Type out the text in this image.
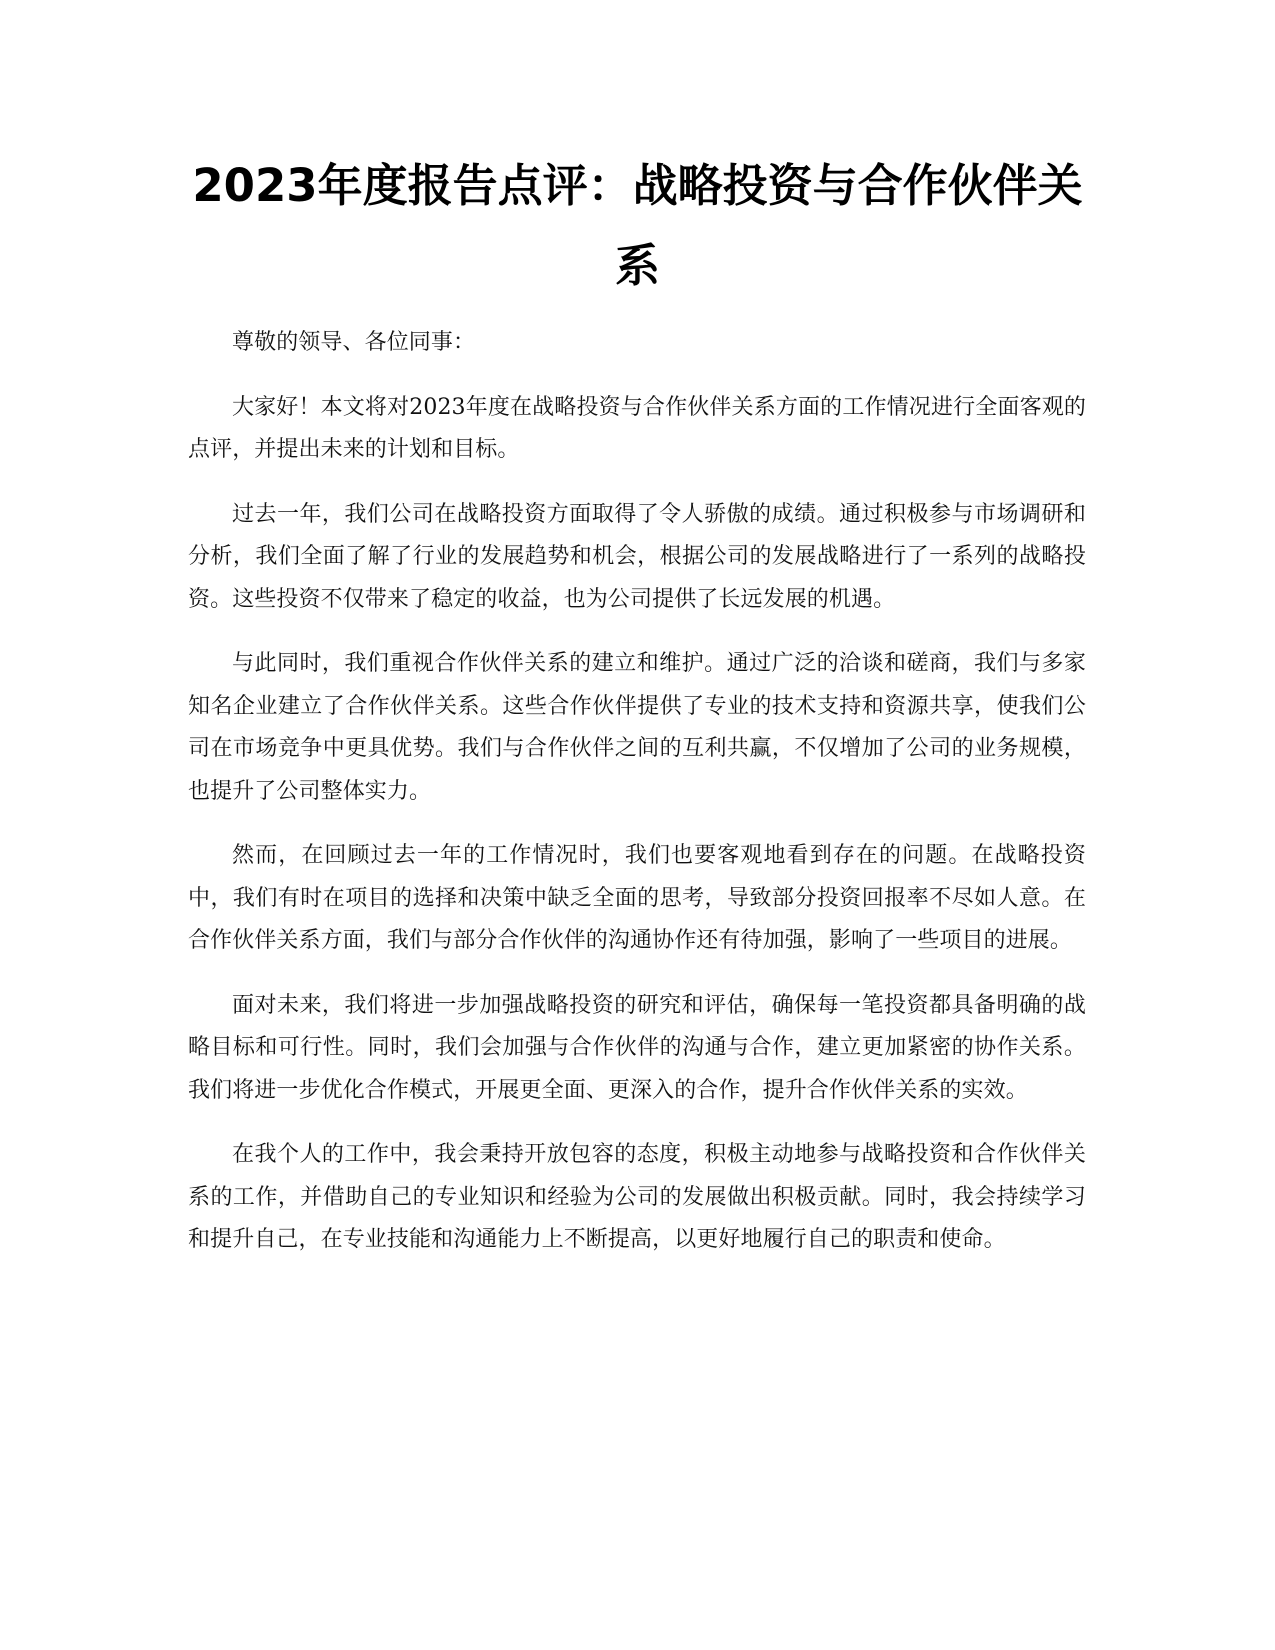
2023年度报告点评：战略投资与合作伙伴关系

尊敬的领导、各位同事：

大家好！本文将对2023年度在战略投资与合作伙伴关系方面的工作情况进行全面客观的点评，并提出未来的计划和目标。

过去一年，我们公司在战略投资方面取得了令人骄傲的成绩。通过积极参与市场调研和分析，我们全面了解了行业的发展趋势和机会，根据公司的发展战略进行了一系列的战略投资。这些投资不仅带来了稳定的收益，也为公司提供了长远发展的机遇。

与此同时，我们重视合作伙伴关系的建立和维护。通过广泛的洽谈和磋商，我们与多家知名企业建立了合作伙伴关系。这些合作伙伴提供了专业的技术支持和资源共享，使我们公司在市场竞争中更具优势。我们与合作伙伴之间的互利共赢，不仅增加了公司的业务规模，也提升了公司整体实力。

然而，在回顾过去一年的工作情况时，我们也要客观地看到存在的问题。在战略投资中，我们有时在项目的选择和决策中缺乏全面的思考，导致部分投资回报率不尽如人意。在合作伙伴关系方面，我们与部分合作伙伴的沟通协作还有待加强，影响了一些项目的进展。

面对未来，我们将进一步加强战略投资的研究和评估，确保每一笔投资都具备明确的战略目标和可行性。同时，我们会加强与合作伙伴的沟通与合作，建立更加紧密的协作关系。我们将进一步优化合作模式，开展更全面、更深入的合作，提升合作伙伴关系的实效。

在我个人的工作中，我会秉持开放包容的态度，积极主动地参与战略投资和合作伙伴关系的工作，并借助自己的专业知识和经验为公司的发展做出积极贡献。同时，我会持续学习和提升自己，在专业技能和沟通能力上不断提高，以更好地履行自己的职责和使命。
